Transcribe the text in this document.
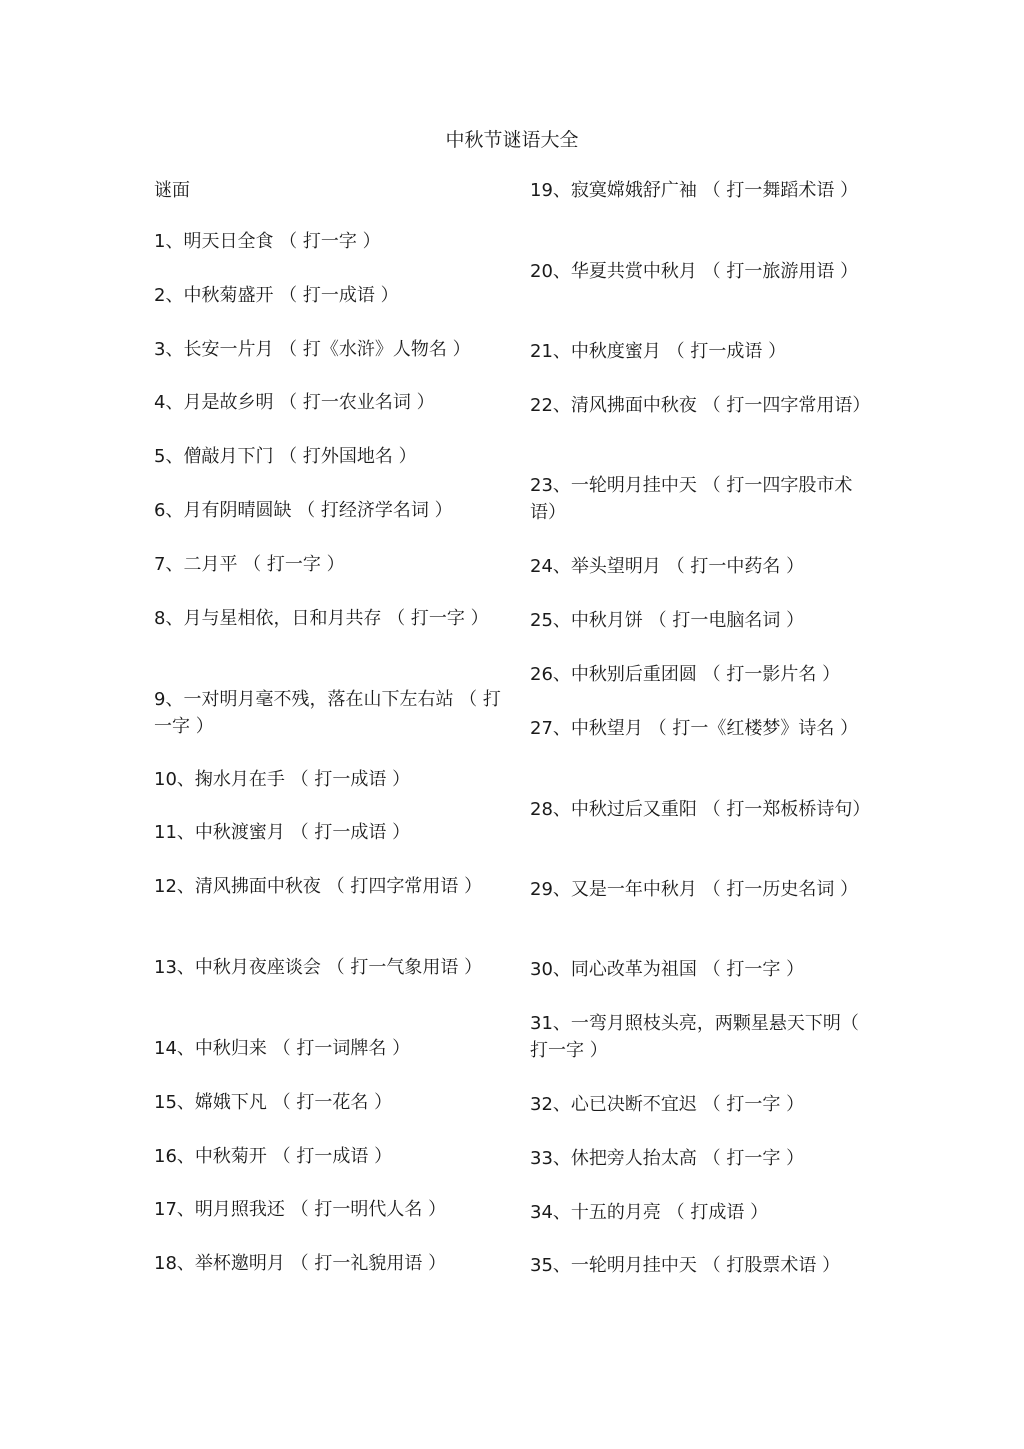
中秋节谜语大全
谜面
1、明天日全食 （ 打一字 ）
2、中秋菊盛开 （ 打一成语 ）
3、长安一片月 （ 打《水浒》人物名 ）
4、月是故乡明 （ 打一农业名词 ）
5、僧敲月下门 （ 打外国地名 ）
6、月有阴晴圆缺 （ 打经济学名词 ）
7、二月平 （ 打一字 ）
8、月与星相依，日和月共存 （ 打一字 ）
9、一对明月毫不残，落在山下左右站 （ 打一字 ）
10、掬水月在手 （ 打一成语 ）
11、中秋渡蜜月 （ 打一成语 ）
12、清风拂面中秋夜 （ 打四字常用语 ）
13、中秋月夜座谈会 （ 打一气象用语 ）
14、中秋归来 （ 打一词牌名 ）
15、嫦娥下凡 （ 打一花名 ）
16、中秋菊开 （ 打一成语 ）
17、明月照我还 （ 打一明代人名 ）
18、举杯邀明月 （ 打一礼貌用语 ）
19、寂寞嫦娥舒广袖 （ 打一舞蹈术语 ）
20、华夏共赏中秋月 （ 打一旅游用语 ）
21、中秋度蜜月 （ 打一成语 ）
22、清风拂面中秋夜 （ 打一四字常用语）
23、一轮明月挂中天 （ 打一四字股市术语）
24、举头望明月 （ 打一中药名 ）
25、中秋月饼 （ 打一电脑名词 ）
26、中秋别后重团圆 （ 打一影片名 ）
27、中秋望月 （ 打一《红楼梦》诗名 ）
28、中秋过后又重阳 （ 打一郑板桥诗句）
29、又是一年中秋月 （ 打一历史名词 ）
30、同心改革为祖国 （ 打一字 ）
31、一弯月照枝头亮，两颗星悬天下明（ 打一字 ）
32、心已决断不宜迟 （ 打一字 ）
33、休把旁人抬太高 （ 打一字 ）
34、十五的月亮 （ 打成语 ）
35、一轮明月挂中天 （ 打股票术语 ）
